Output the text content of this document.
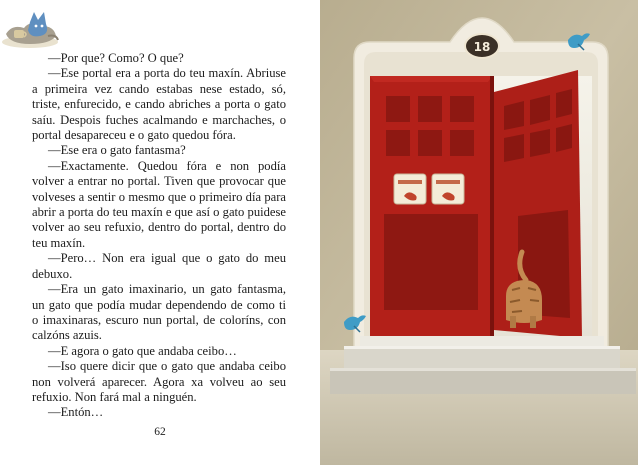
—Por que? Como? O que?

—Ese portal era a porta do teu maxín. Abriuse a primeira vez cando estabas nese estado, só, triste, enfurecido, e cando abriches a porta o gato saíu. Despois fuches acalmando e marchaches, o portal desapareceu e o gato quedou fóra.

—Ese era o gato fantasma?

—Exactamente. Quedou fóra e non podía volver a entrar no portal. Tiven que provocar que volveses a sentir o mesmo que o primeiro día para abrir a porta do teu maxín e que así o gato puidese volver ao seu refuxio, dentro do portal, dentro do teu maxín.

—Pero… Non era igual que o gato do meu debuxo.

—Era un gato imaxinario, un gato fantasma, un gato que podía mudar dependendo de como ti o imaxinaras, escuro nun portal, de coloríns, con calzóns azuis.

—E agora o gato que andaba ceibo…

—Iso quere dicir que o gato que andaba ceibo non volverá aparecer. Agora xa volveu ao seu refuxio. Non fará mal a ninguén.

—Entón…

62
18
